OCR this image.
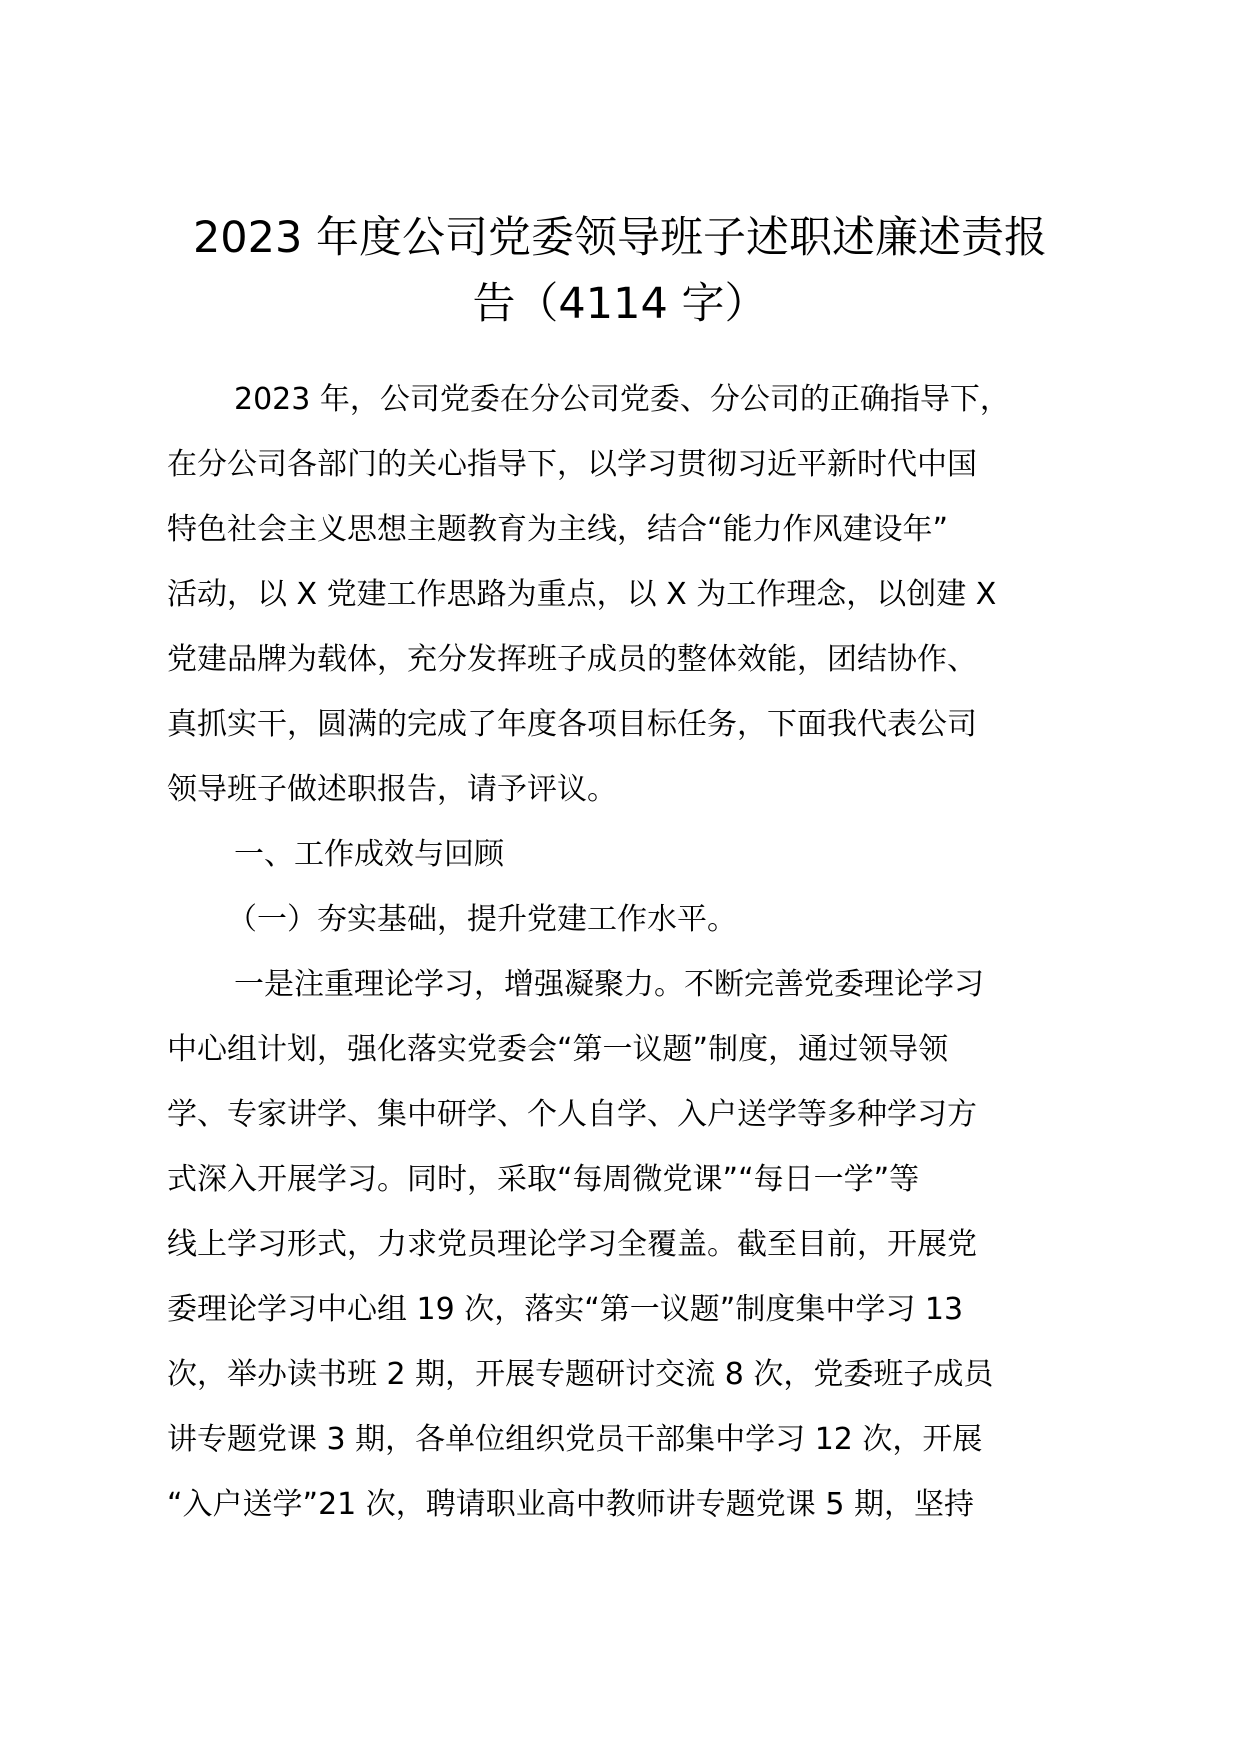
2023 年度公司党委领导班子述职述廉述责报
告（4114 字）
2023 年，公司党委在分公司党委、分公司的正确指导下，
在分公司各部门的关心指导下，以学习贯彻习近平新时代中国
特色社会主义思想主题教育为主线，结合“能力作风建设年”
活动，以 X 党建工作思路为重点，以 X 为工作理念，以创建 X
党建品牌为载体，充分发挥班子成员的整体效能，团结协作、
真抓实干，圆满的完成了年度各项目标任务，下面我代表公司
领导班子做述职报告，请予评议。
一、工作成效与回顾
（一）夯实基础，提升党建工作水平。
一是注重理论学习，增强凝聚力。不断完善党委理论学习
中心组计划，强化落实党委会“第一议题”制度，通过领导领
学、专家讲学、集中研学、个人自学、入户送学等多种学习方
式深入开展学习。同时，采取“每周微党课”“每日一学”等
线上学习形式，力求党员理论学习全覆盖。截至目前，开展党
委理论学习中心组 19 次，落实“第一议题”制度集中学习 13
次，举办读书班 2 期，开展专题研讨交流 8 次，党委班子成员
讲专题党课 3 期，各单位组织党员干部集中学习 12 次，开展
“入户送学”21 次，聘请职业高中教师讲专题党课 5 期，坚持
